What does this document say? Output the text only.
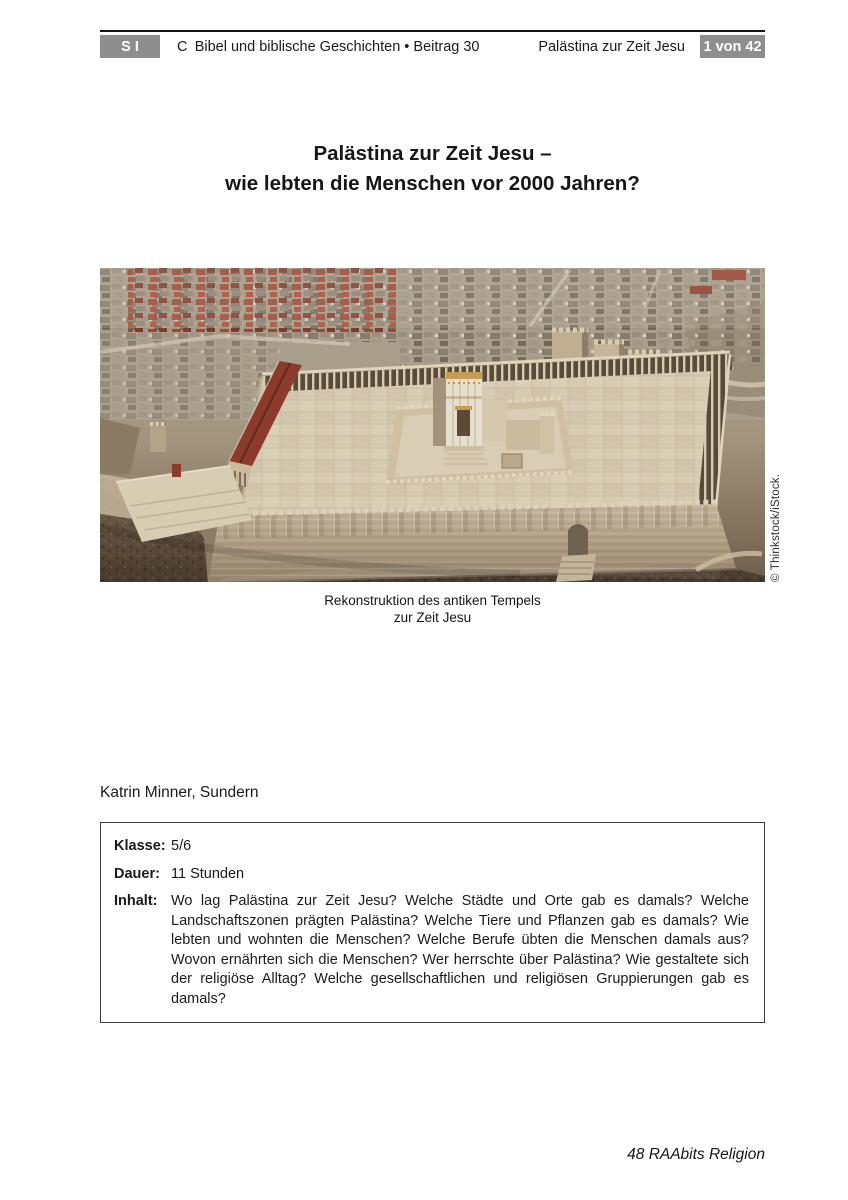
S I	C Bibel und biblische Geschichten • Beitrag 30	Palästina zur Zeit Jesu 1 von 42
Palästina zur Zeit Jesu –
wie lebten die Menschen vor 2000 Jahren?
© Thinkstock/iStock.
Rekonstruktion des antiken Tempels
zur Zeit Jesu
Katrin Minner, Sundern
Klasse: 5/6
Dauer: 11 Stunden
Inhalt: Wo lag Palästina zur Zeit Jesu? Welche Städte und Orte gab es damals? Welche Landschaftszonen prägten Palästina? Welche Tiere und Pflanzen gab es damals? Wie lebten und wohnten die Menschen? Welche Berufe übten die Menschen damals aus? Wovon ernährten sich die Menschen? Wer herrschte über Palästina? Wie gestaltete sich der religiöse Alltag? Welche gesellschaftlichen und religiösen Gruppierungen gab es damals?
48 RAAbits Religion
